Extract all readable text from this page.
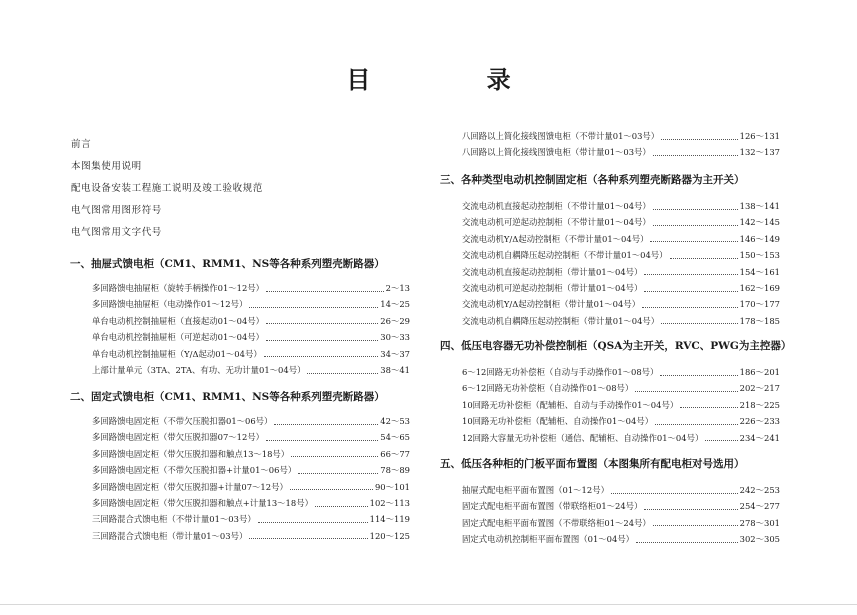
目 录
前言
本图集使用说明
配电设备安装工程施工说明及竣工验收规范
电气图常用图形符号
电气图常用文字代号
一、抽屉式馈电柜（CM1、RMM1、NS等各种系列塑壳断路器）
多回路馈电抽屉柜（旋转手柄操作01～12号）	2～13
多回路馈电抽屉柜（电动操作01～12号）	14～25
单台电动机控制抽屉柜（直接起动01～04号）	26～29
单台电动机控制抽屉柜（可逆起动01～04号）	30～33
单台电动机控制抽屉柜（Y/Δ起动01～04号）	34～37
上部计量单元（3TA、2TA、有功、无功计量01～04号）	38～41
二、固定式馈电柜（CM1、RMM1、NS等各种系列塑壳断路器）
多回路馈电固定柜（不带欠压脱扣器01～06号）	42～53
多回路馈电固定柜（带欠压脱扣器07～12号）	54～65
多回路馈电固定柜（带欠压脱扣器和触点13～18号）	66～77
多回路馈电固定柜（不带欠压脱扣器+计量01～06号）	78～89
多回路馈电固定柜（带欠压脱扣器+计量07～12号）	90～101
多回路馈电固定柜（带欠压脱扣器和触点+计量13～18号）	102～113
三回路混合式馈电柜（不带计量01～03号）	114～119
三回路混合式馈电柜（带计量01～03号）	120～125
八回路以上简化接线图馈电柜（不带计量01～03号）	126～131
八回路以上简化接线图馈电柜（带计量01～03号）	132～137
三、各种类型电动机控制固定柜（各种系列塑壳断路器为主开关）
交流电动机直接起动控制柜（不带计量01～04号）	138～141
交流电动机可逆起动控制柜（不带计量01～04号）	142～145
交流电动机Y/Δ起动控制柜（不带计量01～04号）	146～149
交流电动机自耦降压起动控制柜（不带计量01～04号）	150～153
交流电动机直接起动控制柜（带计量01～04号）	154～161
交流电动机可逆起动控制柜（带计量01～04号）	162～169
交流电动机Y/Δ起动控制柜（带计量01～04号）	170～177
交流电动机自耦降压起动控制柜（带计量01～04号）	178～185
四、低压电容器无功补偿控制柜（QSA为主开关，RVC、PWG为主控器）
6～12回路无功补偿柜（自动与手动操作01～08号）	186～201
6～12回路无功补偿柜（自动操作01～08号）	202～217
10回路无功补偿柜（配辅柜、自动与手动操作01～04号）	218～225
10回路无功补偿柜（配辅柜、自动操作01～04号）	226～233
12回路大容量无功补偿柜（通信、配辅柜、自动操作01～04号）	234～241
五、低压各种柜的门板平面布置图（本图集所有配电柜对号选用）
抽屉式配电柜平面布置图（01～12号）	242～253
固定式配电柜平面布置图（带联络柜01～24号）	254～277
固定式配电柜平面布置图（不带联络柜01～24号）	278～301
固定式电动机控制柜平面布置图（01～04号）	302～305
